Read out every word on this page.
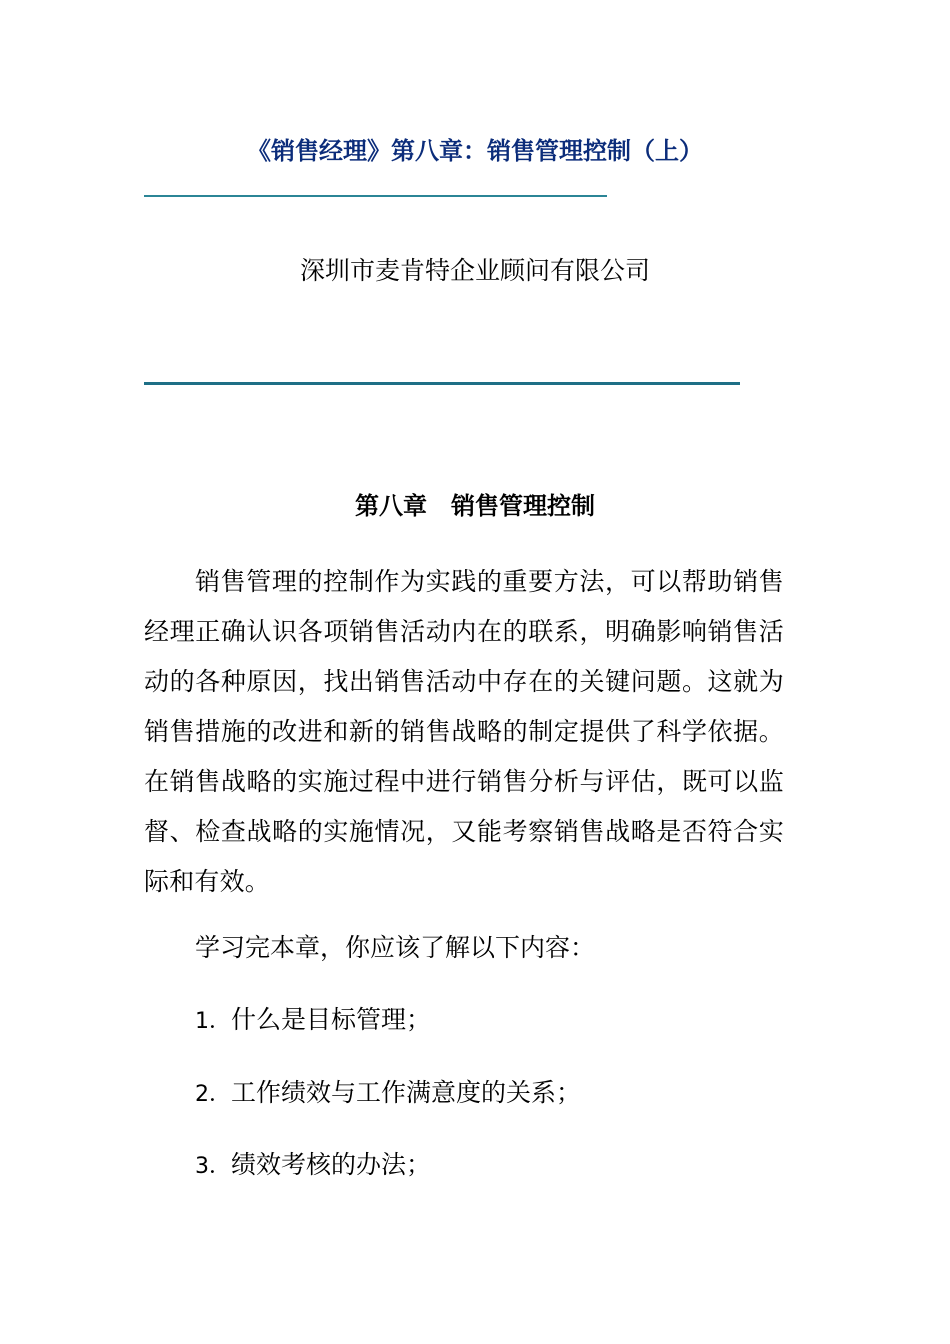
《销售经理》第八章：销售管理控制（上）
深圳市麦肯特企业顾问有限公司
第八章　销售管理控制
销售管理的控制作为实践的重要方法，可以帮助销售经理正确认识各项销售活动内在的联系，明确影响销售活动的各种原因，找出销售活动中存在的关键问题。这就为销售措施的改进和新的销售战略的制定提供了科学依据。在销售战略的实施过程中进行销售分析与评估，既可以监督、检查战略的实施情况，又能考察销售战略是否符合实际和有效。
学习完本章，你应该了解以下内容：
1．什么是目标管理；
2．工作绩效与工作满意度的关系；
3．绩效考核的办法；
